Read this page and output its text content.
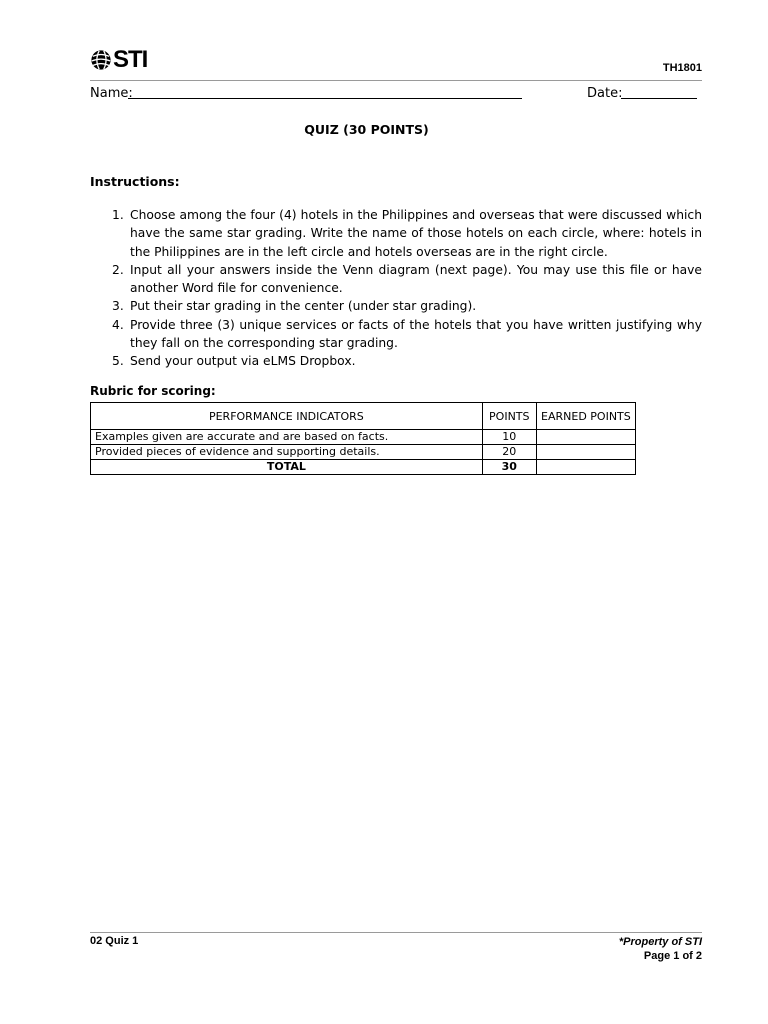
STI	TH1801
Name:	Date:
QUIZ (30 POINTS)
Instructions:
1. Choose among the four (4) hotels in the Philippines and overseas that were discussed which have the same star grading. Write the name of those hotels on each circle, where: hotels in the Philippines are in the left circle and hotels overseas are in the right circle.
2. Input all your answers inside the Venn diagram (next page). You may use this file or have another Word file for convenience.
3. Put their star grading in the center (under star grading).
4. Provide three (3) unique services or facts of the hotels that you have written justifying why they fall on the corresponding star grading.
5. Send your output via eLMS Dropbox.
Rubric for scoring:
PERFORMANCE INDICATORS	POINTS	EARNED POINTS
Examples given are accurate and are based on facts.	10	
Provided pieces of evidence and supporting details.	20	
TOTAL	30	
02 Quiz 1	*Property of STI
Page 1 of 2
